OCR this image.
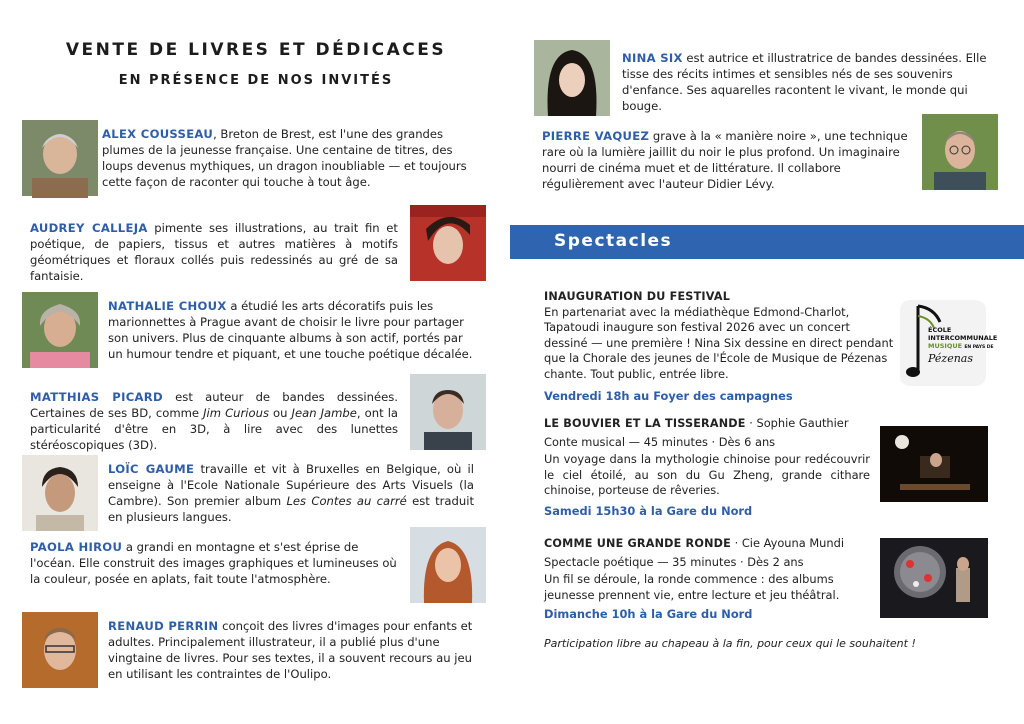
VENTE DE LIVRES ET DÉDICACES
EN PRÉSENCE DE NOS INVITÉS
ALEX COUSSEAU, Breton de Brest, est l'une des grandes plumes de la jeunesse française. Une centaine de titres, des loups devenus mythiques, un dragon inoubliable — et toujours cette façon de raconter qui touche à tout âge.
AUDREY CALLEJA pimente ses illustrations, au trait fin et poétique, de papiers, tissus et autres matières à motifs géométriques et floraux collés puis redessinés au gré de sa fantaisie.
NATHALIE CHOUX a étudié les arts décoratifs puis les marionnettes à Prague avant de choisir le livre pour partager son univers. Plus de cinquante albums à son actif, portés par un humour tendre et piquant, et une touche poétique décalée.
MATTHIAS PICARD est auteur de bandes dessinées. Certaines de ses BD, comme Jim Curious ou Jean Jambe, ont la particularité d'être en 3D, à lire avec des lunettes stéréoscopiques (3D).
LOÏC GAUME travaille et vit à Bruxelles en Belgique, où il enseigne à l'Ecole Nationale Supérieure des Arts Visuels (la Cambre). Son premier album Les Contes au carré est traduit en plusieurs langues.
PAOLA HIROU a grandi en montagne et s'est éprise de l'océan. Elle construit des images graphiques et lumineuses où la couleur, posée en aplats, fait toute l'atmosphère.
RENAUD PERRIN conçoit des livres d'images pour enfants et adultes. Principalement illustrateur, il a publié plus d'une vingtaine de livres. Pour ses textes, il a souvent recours au jeu en utilisant les contraintes de l'Oulipo.
NINA SIX est autrice et illustratrice de bandes dessinées. Elle tisse des récits intimes et sensibles nés de ses souvenirs d'enfance. Ses aquarelles racontent le vivant, le monde qui bouge.
PIERRE VAQUEZ grave à la « manière noire », une technique rare où la lumière jaillit du noir le plus profond. Un imaginaire nourri de cinéma muet et de littérature. Il collabore régulièrement avec l'auteur Didier Lévy.
Spectacles
INAUGURATION DU FESTIVAL
En partenariat avec la médiathèque Edmond-Charlot, Tapatoudi inaugure son festival 2026 avec un concert dessiné — une première ! Nina Six dessine en direct pendant que la Chorale des jeunes de l'École de Musique de Pézenas chante. Tout public, entrée libre.
Vendredi 18h au Foyer des campagnes
ÉCOLE
INTERCOMMUNALE
MUSIQUE EN PAYS DE
Pézenas
LE BOUVIER ET LA TISSERANDE · Sophie Gauthier
Conte musical — 45 minutes · Dès 6 ans
Un voyage dans la mythologie chinoise pour redécouvrir le ciel étoilé, au son du Gu Zheng, grande cithare chinoise, porteuse de rêveries.
Samedi 15h30 à la Gare du Nord
COMME UNE GRANDE RONDE · Cie Ayouna Mundi
Spectacle poétique — 35 minutes · Dès 2 ans
Un fil se déroule, la ronde commence : des albums jeunesse prennent vie, entre lecture et jeu théâtral.
Dimanche 10h à la Gare du Nord
Participation libre au chapeau à la fin, pour ceux qui le souhaitent !
